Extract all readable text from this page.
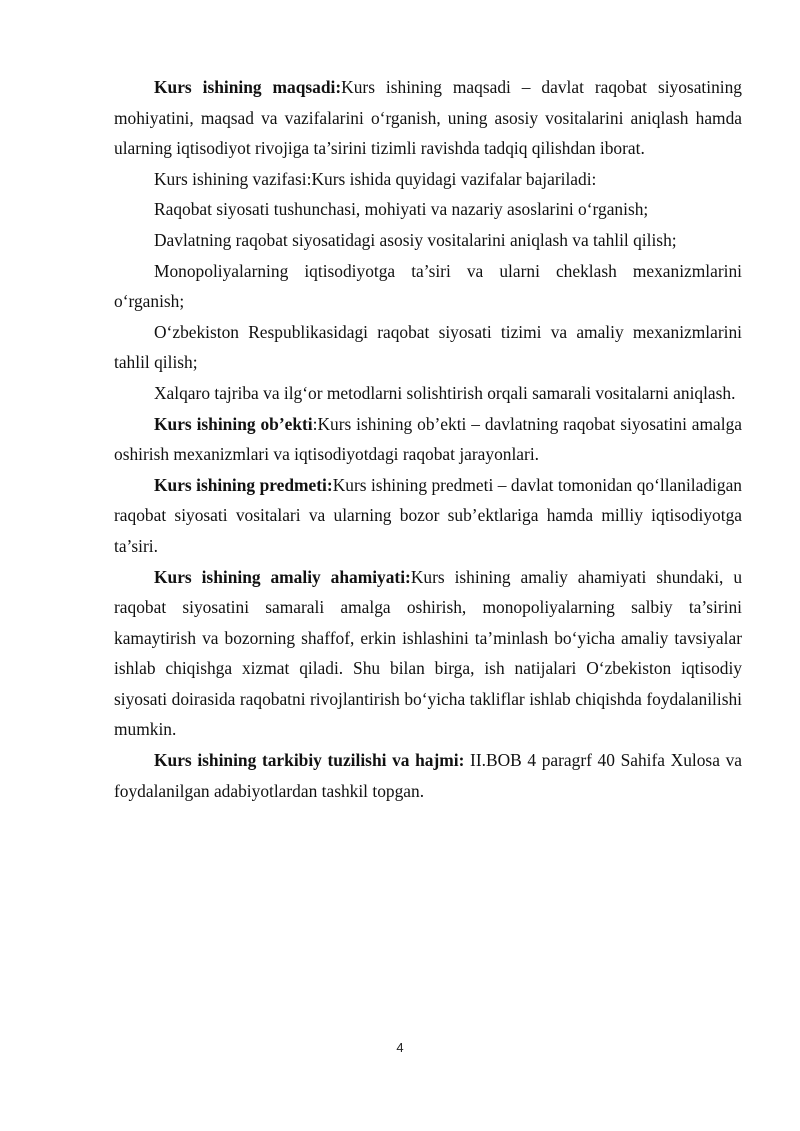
Kurs ishining maqsadi:Kurs ishining maqsadi – davlat raqobat siyosatining mohiyatini, maqsad va vazifalarini o‘rganish, uning asosiy vositalarini aniqlash hamda ularning iqtisodiyot rivojiga ta’sirini tizimli ravishda tadqiq qilishdan iborat.

Kurs ishining vazifasi:Kurs ishida quyidagi vazifalar bajariladi:

Raqobat siyosati tushunchasi, mohiyati va nazariy asoslarini o‘rganish;

Davlatning raqobat siyosatidagi asosiy vositalarini aniqlash va tahlil qilish;

Monopoliyalarning iqtisodiyotga ta’siri va ularni cheklash mexanizmlarini o‘rganish;

O‘zbekiston Respublikasidagi raqobat siyosati tizimi va amaliy mexanizmlarini tahlil qilish;

Xalqaro tajriba va ilg‘or metodlarni solishtirish orqali samarali vositalarni aniqlash.

Kurs ishining ob’ekti:Kurs ishining ob’ekti – davlatning raqobat siyosatini amalga oshirish mexanizmlari va iqtisodiyotdagi raqobat jarayonlari.

Kurs ishining predmeti:Kurs ishining predmeti – davlat tomonidan qo‘llaniladigan raqobat siyosati vositalari va ularning bozor sub’ektlariga hamda milliy iqtisodiyotga ta’siri.

Kurs ishining amaliy ahamiyati:Kurs ishining amaliy ahamiyati shundaki, u raqobat siyosatini samarali amalga oshirish, monopoliyalarning salbiy ta’sirini kamaytirish va bozorning shaffof, erkin ishlashini ta’minlash bo‘yicha amaliy tavsiyalar ishlab chiqishga xizmat qiladi. Shu bilan birga, ish natijalari O‘zbekiston iqtisodiy siyosati doirasida raqobatni rivojlantirish bo‘yicha takliflar ishlab chiqishda foydalanilishi mumkin.

Kurs ishining tarkibiy tuzilishi va hajmi: II.BOB 4 paragrf 40 Sahifa Xulosa va foydalanilgan adabiyotlardan tashkil topgan.

4
